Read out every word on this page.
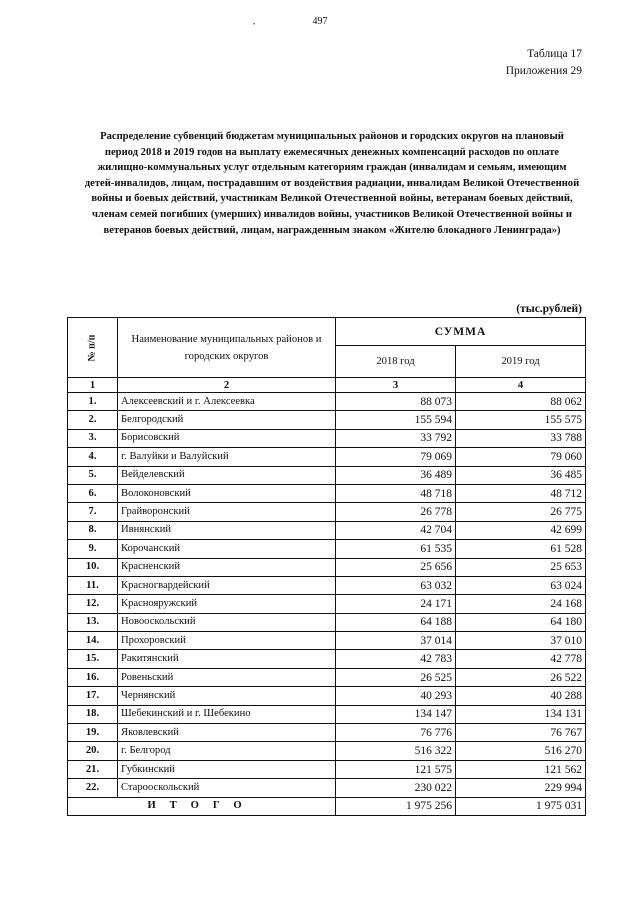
497
•
Таблица 17
Приложения 29
Распределение субвенций бюджетам муниципальных районов и городских округов на плановый период 2018 и 2019 годов на выплату ежемесячных денежных компенсаций расходов по оплате жилищно-коммунальных услуг отдельным категориям граждан (инвалидам и семьям, имеющим детей-инвалидов, лицам, пострадавшим от воздействия радиации, инвалидам Великой Отечественной войны и боевых действий, участникам Великой Отечественной войны, ветеранам боевых действий, членам семей погибших (умерших) инвалидов войны, участников Великой Отечественной войны и ветеранов боевых действий, лицам, награжденным знаком «Жителю блокадного Ленинграда»)
(тыс.рублей)
№ п/п	Наименование муниципальных районов и городских округов	СУММА	
		2018 год	2019 год
1	2	3	4
1.	Алексеевский и г. Алексеевка	88 073	88 062
2.	Белгородский	155 594	155 575
3.	Борисовский	33 792	33 788
4.	г. Валуйки и Валуйский	79 069	79 060
5.	Вейделевский	36 489	36 485
6.	Волоконовский	48 718	48 712
7.	Грайворонский	26 778	26 775
8.	Ивнянский	42 704	42 699
9.	Корочанский	61 535	61 528
10.	Красненский	25 656	25 653
11.	Красногвардейский	63 032	63 024
12.	Краснояружский	24 171	24 168
13.	Новооскольский	64 188	64 180
14.	Прохоровский	37 014	37 010
15.	Ракитянский	42 783	42 778
16.	Ровеньский	26 525	26 522
17.	Чернянский	40 293	40 288
18.	Шебекинский и г. Шебекино	134 147	134 131
19.	Яковлевский	76 776	76 767
20.	г. Белгород	516 322	516 270
21.	Губкинский	121 575	121 562
22.	Старооскольский	230 022	229 994
ИТОГО		1 975 256	1 975 031
